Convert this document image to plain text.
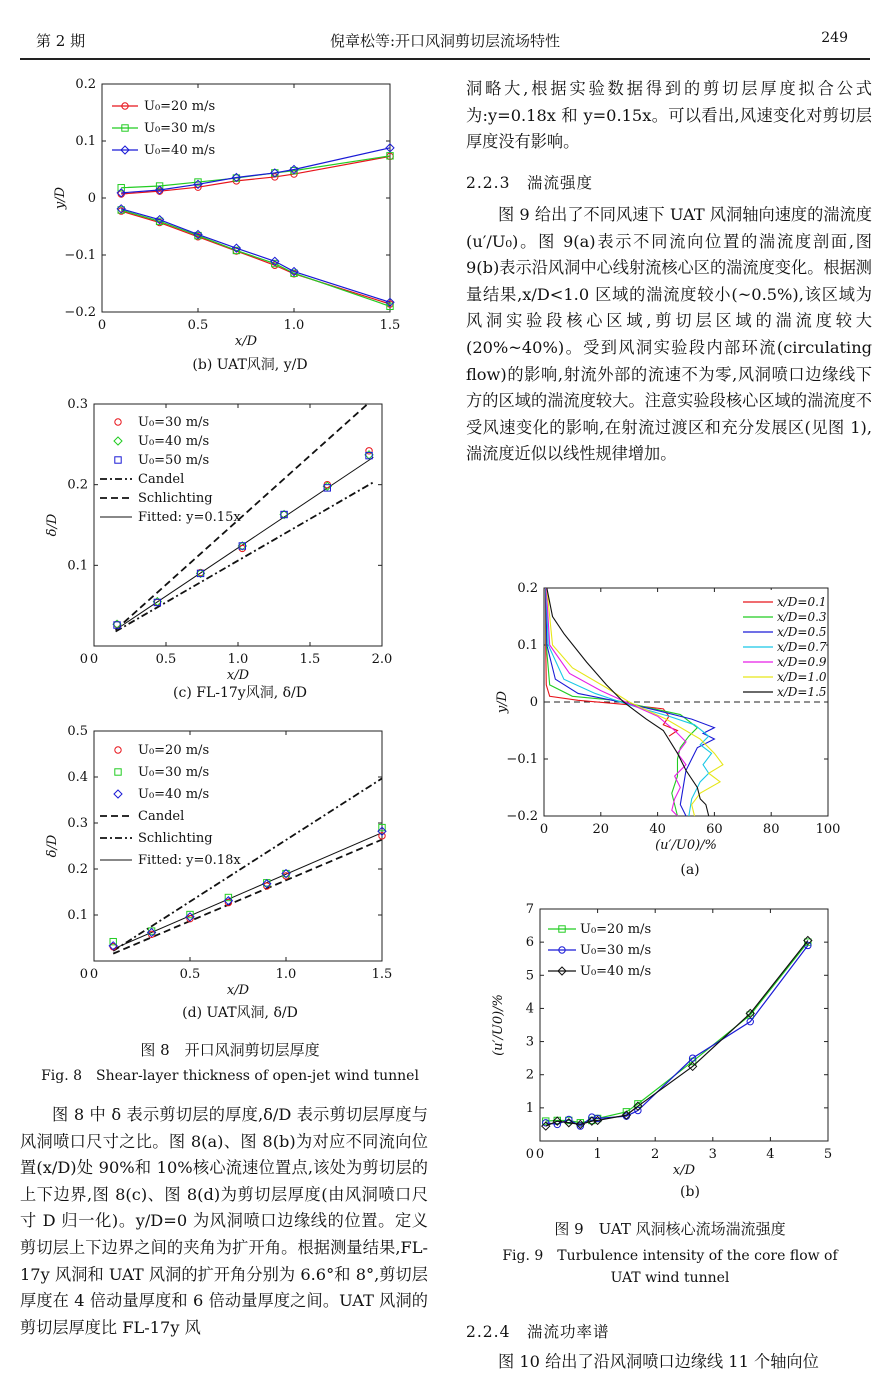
第 2 期	倪章松等:开口风洞剪切层流场特性	249
0	0.5	1.0	1.5
0.2
0.1
0
−0.1
−0.2
x/D
y/D
U₀=20 m/s
U₀=30 m/s
U₀=40 m/s
(b) UAT风洞, y/D
0	0.5	1.0	1.5	2.0
0.3
0.2
0.1
0
x/D
δ/D
U₀=30 m/s
U₀=40 m/s
U₀=50 m/s
Candel
Schlichting
Fitted: y=0.15x
(c) FL-17y风洞, δ/D
0	0.5	1.0	1.5
0.5
0.4
0.3
0.2
0.1
0
x/D
δ/D
U₀=20 m/s
U₀=30 m/s
U₀=40 m/s
Candel
Schlichting
Fitted: y=0.18x
(d) UAT风洞, δ/D
图 8　开口风洞剪切层厚度
Fig. 8　Shear-layer thickness of open-jet wind tunnel
图 8 中 δ 表示剪切层的厚度,δ/D 表示剪切层厚度与风洞喷口尺寸之比。图 8(a)、图 8(b)为对应不同流向位置(x/D)处 90%和 10%核心流速位置点,该处为剪切层的上下边界,图 8(c)、图 8(d)为剪切层厚度(由风洞喷口尺寸 D 归一化)。y/D=0 为风洞喷口边缘线的位置。定义剪切层上下边界之间的夹角为扩开角。根据测量结果,FL-17y 风洞和 UAT 风洞的扩开角分别为 6.6°和 8°,剪切层厚度在 4 倍动量厚度和 6 倍动量厚度之间。UAT 风洞的剪切层厚度比 FL-17y 风
洞略大,根据实验数据得到的剪切层厚度拟合公式为:y=0.18x 和 y=0.15x。可以看出,风速变化对剪切层厚度没有影响。
2.2.3　湍流强度
图 9 给出了不同风速下 UAT 风洞轴向速度的湍流度(u′/U₀)。图 9(a)表示不同流向位置的湍流度剖面,图 9(b)表示沿风洞中心线射流核心区的湍流度变化。根据测量结果,x/D<1.0 区域的湍流度较小(~0.5%),该区域为风洞实验段核心区域,剪切层区域的湍流度较大(20%~40%)。受到风洞实验段内部环流(circulating flow)的影响,射流外部的流速不为零,风洞喷口边缘线下方的区域的湍流度较大。注意实验段核心区域的湍流度不受风速变化的影响,在射流过渡区和充分发展区(见图 1),湍流度近似以线性规律增加。
0	20	40	60	80	100
0.2
0.1
0
−0.1
−0.2
(u′/U0)/%
y/D
x/D=0.1
x/D=0.3
x/D=0.5
x/D=0.7
x/D=0.9
x/D=1.0
x/D=1.5
(a)
0	1	2	3	4	5
7
6
5
4
3
2
1
0
x/D
(u′/U0)/%
U₀=20 m/s
U₀=30 m/s
U₀=40 m/s
(b)
图 9　UAT 风洞核心流场湍流强度
Fig. 9　Turbulence intensity of the core flow of
UAT wind tunnel
2.2.4　湍流功率谱
图 10 给出了沿风洞喷口边缘线 11 个轴向位
